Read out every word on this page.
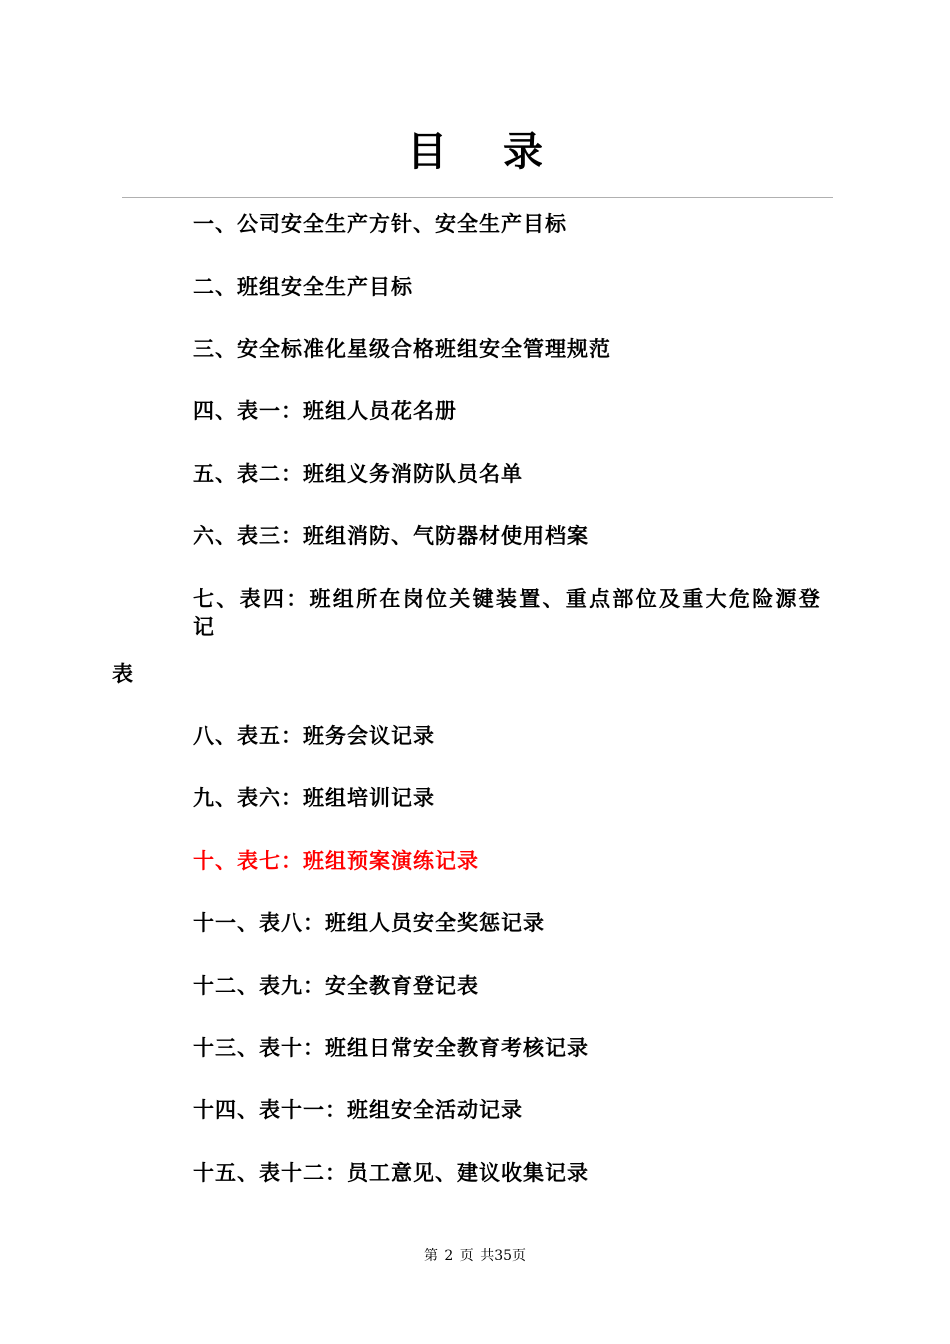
目 录
一、公司安全生产方针、安全生产目标
二、班组安全生产目标
三、安全标准化星级合格班组安全管理规范
四、表一：班组人员花名册
五、表二：班组义务消防队员名单
六、表三：班组消防、气防器材使用档案
七、表四：班组所在岗位关键装置、重点部位及重大危险源登记
表
八、表五：班务会议记录
九、表六：班组培训记录
十、表七：班组预案演练记录
十一、表八：班组人员安全奖惩记录
十二、表九：安全教育登记表
十三、表十：班组日常安全教育考核记录
十四、表十一：班组安全活动记录
十五、表十二：员工意见、建议收集记录
第 2 页 共35页
